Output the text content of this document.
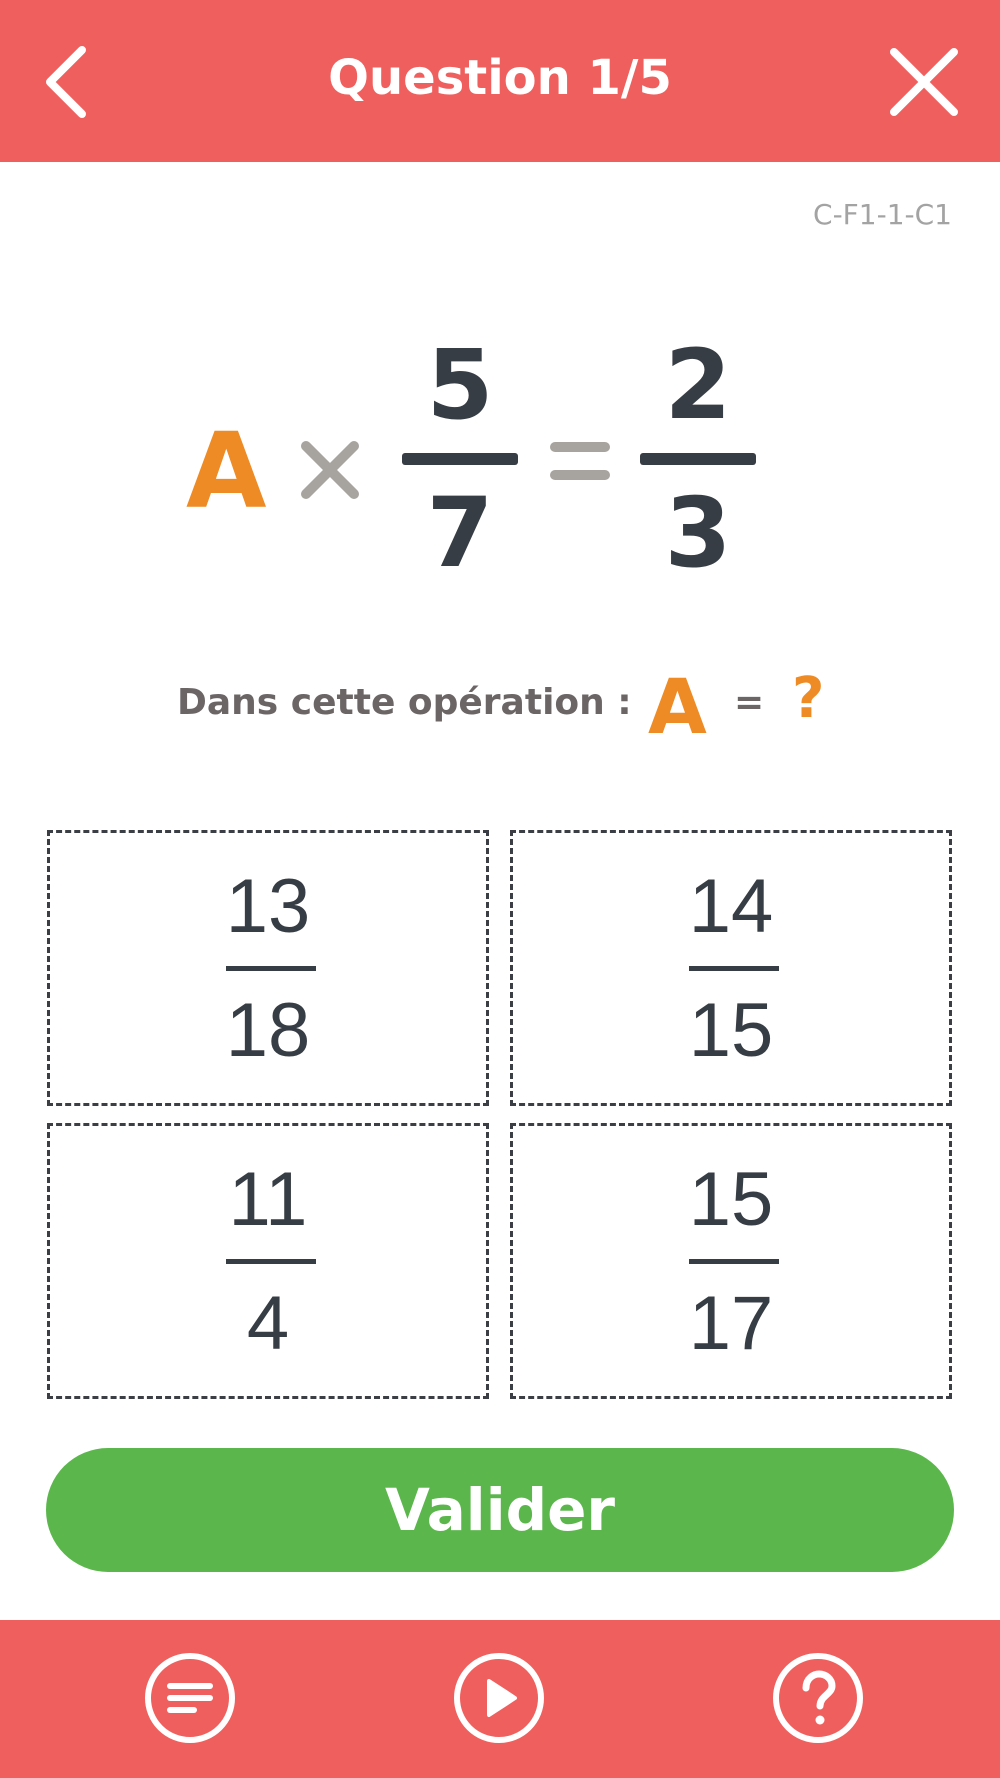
Question 1/5
C-F1-1-C1
A
5
7
2
3
Dans cette opération : A = ?
13
18
14
15
11
4
15
17
Valider
